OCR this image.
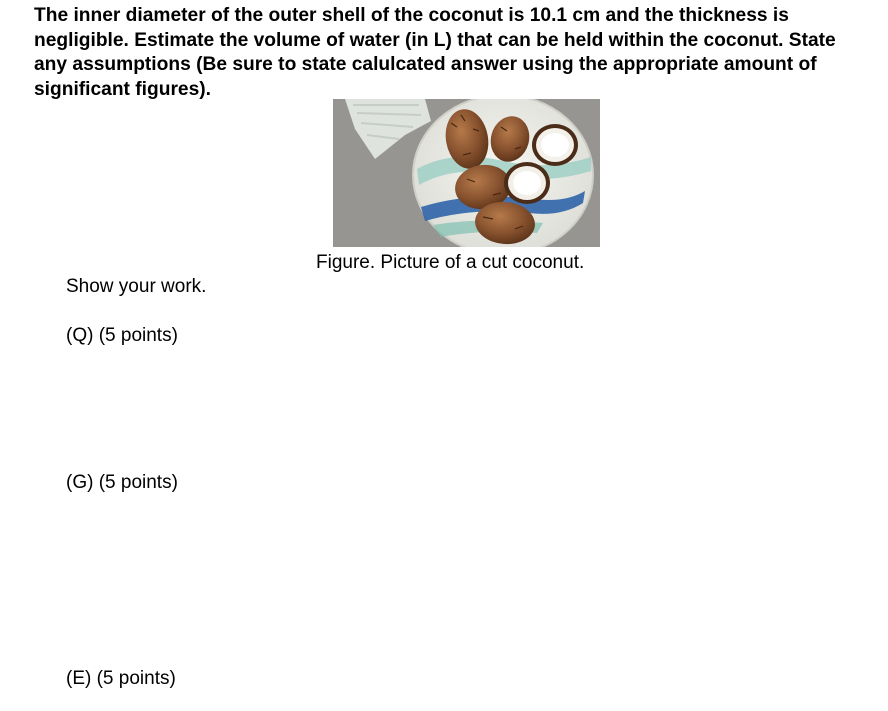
The inner diameter of the outer shell of the coconut is 10.1 cm and the thickness is negligible. Estimate the volume of water (in L) that can be held within the coconut. State any assumptions (Be sure to state calulcated answer using the appropriate amount of significant figures).

Figure. Picture of a cut coconut.
Show your work.
(Q) (5 points)
(G) (5 points)
(E) (5 points)
